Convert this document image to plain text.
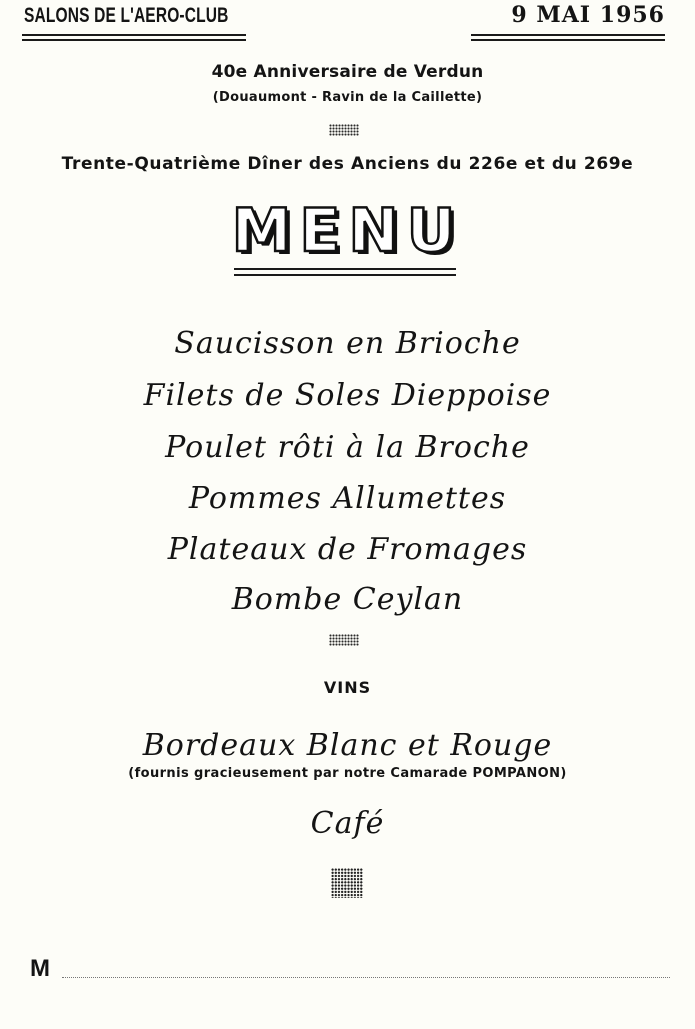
SALONS DE L'AERO-CLUB	9 MAI 1956
40e Anniversaire de Verdun
(Douaumont - Ravin de la Caillette)
Trente-Quatrième Dîner des Anciens du 226e et du 269e
MENU
Saucisson en Brioche
Filets de Soles Dieppoise
Poulet rôti à la Broche
Pommes Allumettes
Plateaux de Fromages
Bombe Ceylan
VINS
Bordeaux Blanc et Rouge
(fournis gracieusement par notre Camarade POMPANON)
Café
M
